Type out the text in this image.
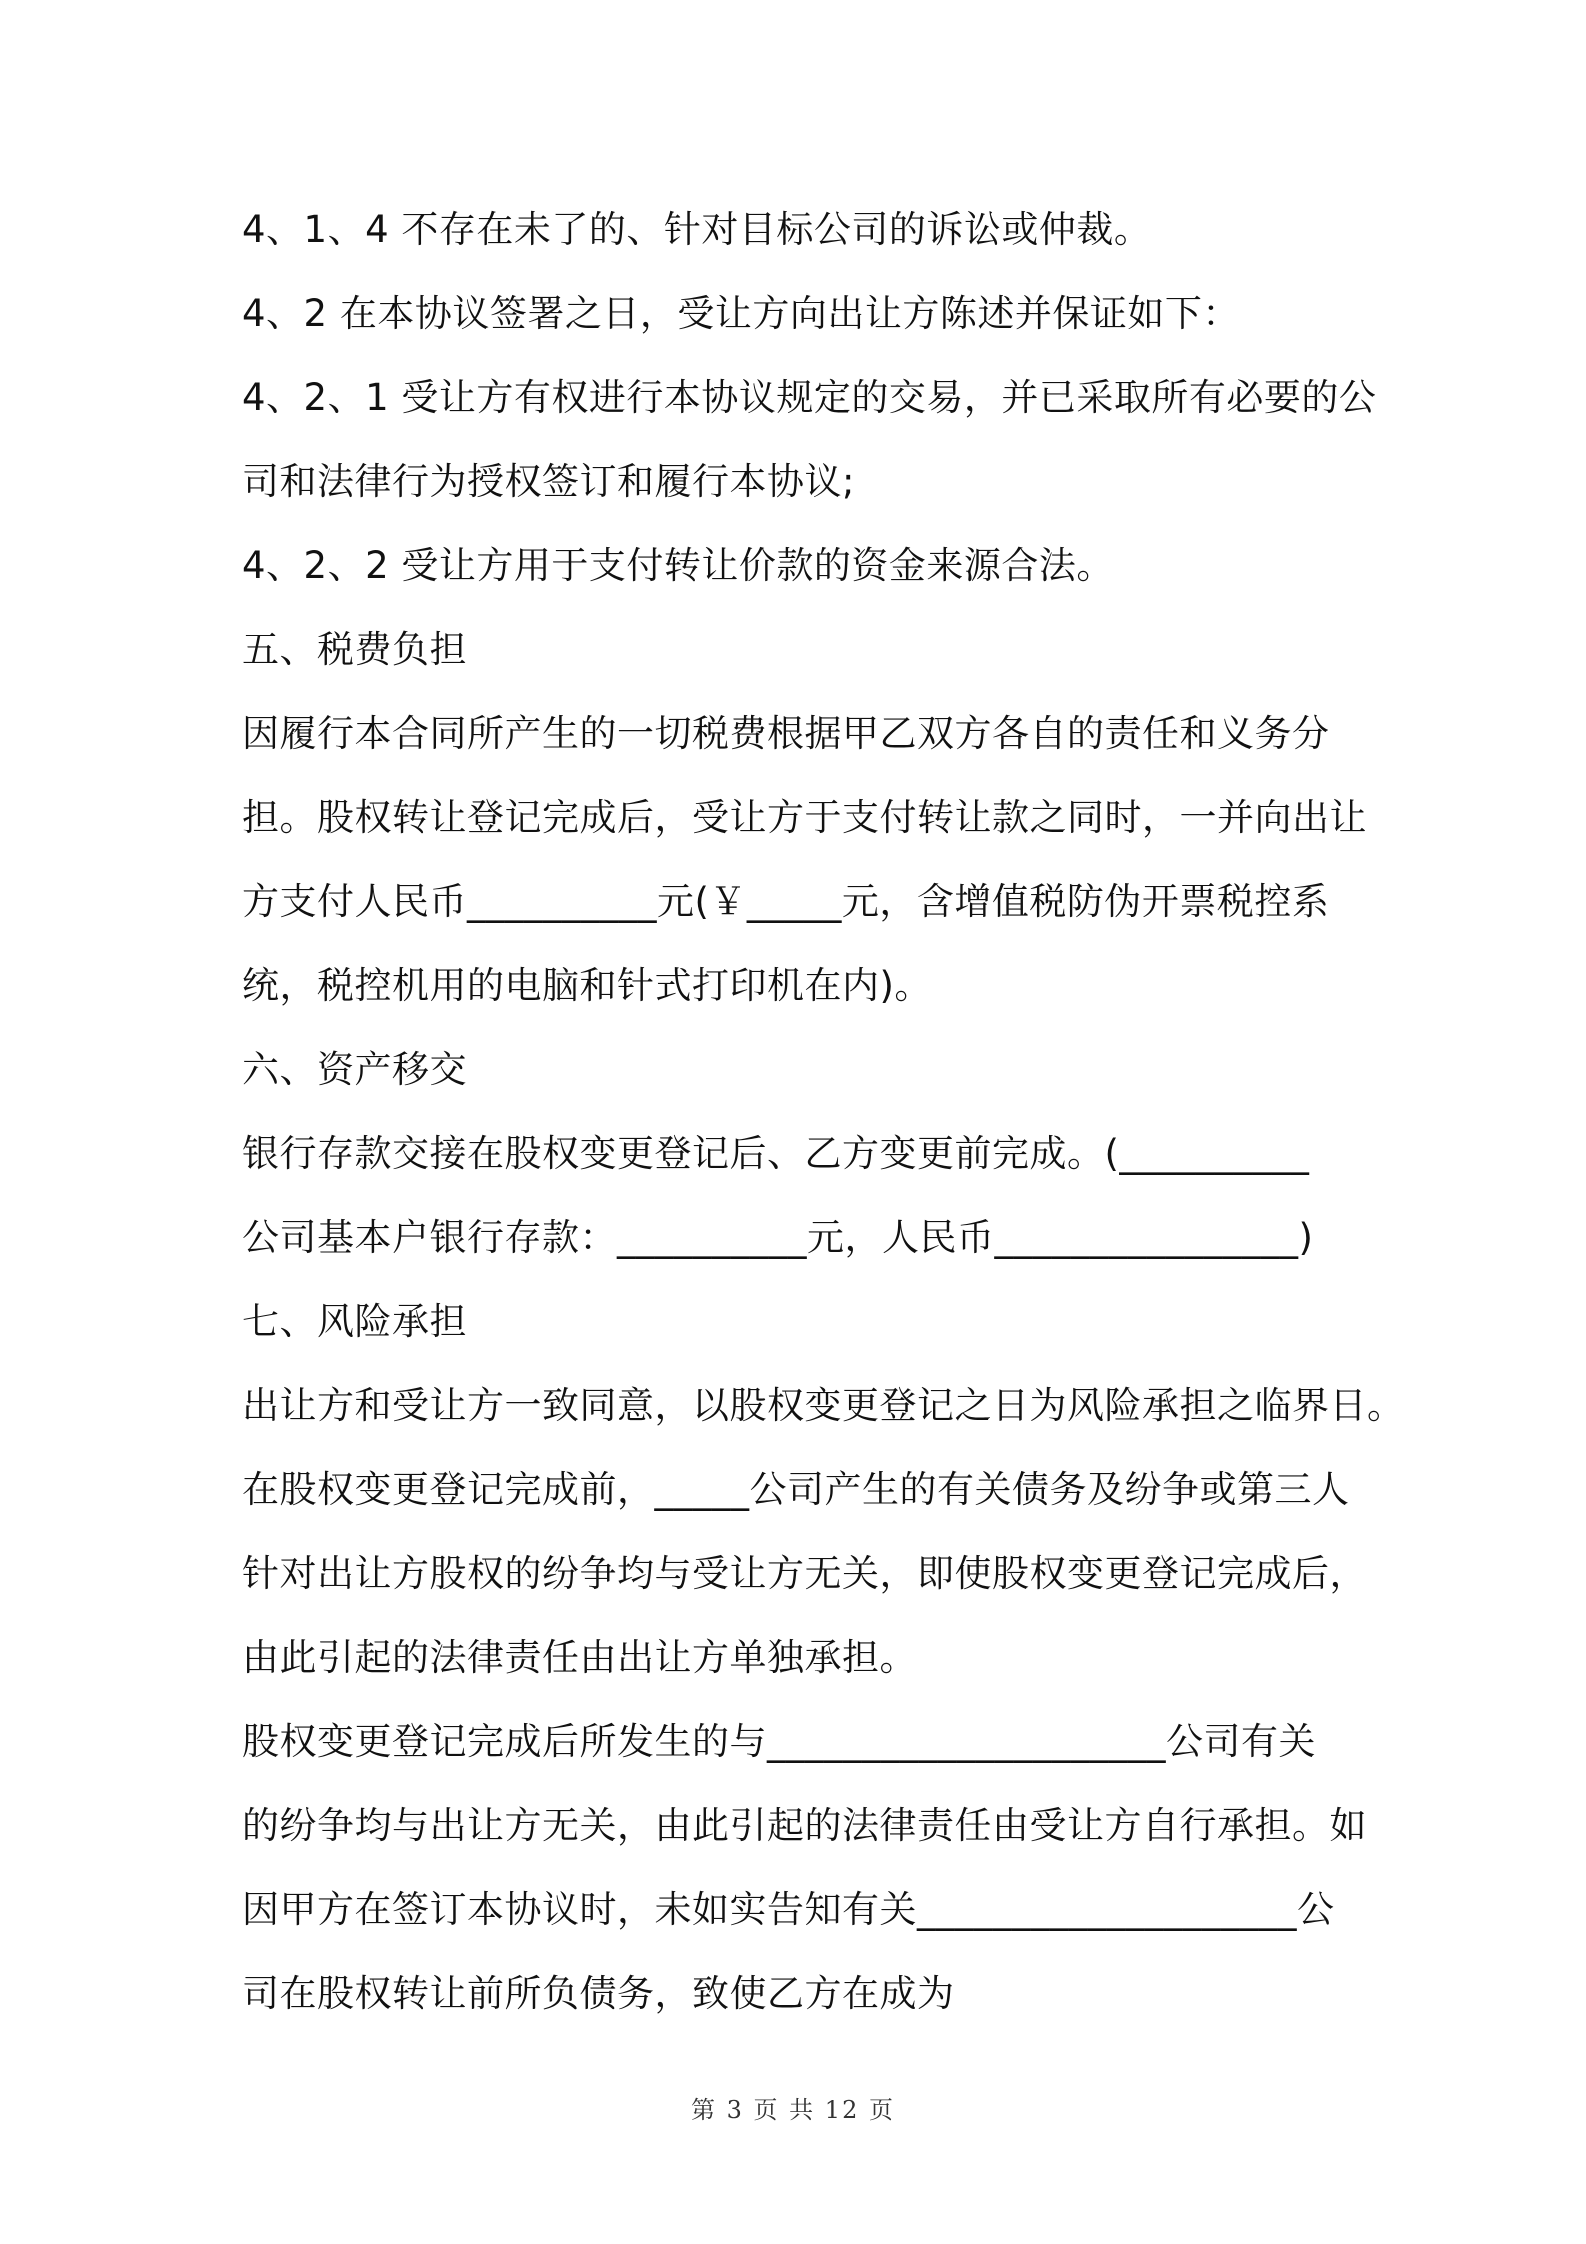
4、1、4 不存在未了的、针对目标公司的诉讼或仲裁。
4、2 在本协议签署之日，受让方向出让方陈述并保证如下：
4、2、1 受让方有权进行本协议规定的交易，并已采取所有必要的公
司和法律行为授权签订和履行本协议;
4、2、2 受让方用于支付转让价款的资金来源合法。
五、税费负担
因履行本合同所产生的一切税费根据甲乙双方各自的责任和义务分
担。股权转让登记完成后，受让方于支付转让款之同时，一并向出让
方支付人民币__________元(￥_____元，含增值税防伪开票税控系
统，税控机用的电脑和针式打印机在内)。
六、资产移交
银行存款交接在股权变更登记后、乙方变更前完成。(__________
公司基本户银行存款：__________元，人民币________________)
七、风险承担
出让方和受让方一致同意，以股权变更登记之日为风险承担之临界日。
在股权变更登记完成前，_____公司产生的有关债务及纷争或第三人
针对出让方股权的纷争均与受让方无关，即使股权变更登记完成后，
由此引起的法律责任由出让方单独承担。
股权变更登记完成后所发生的与_____________________公司有关
的纷争均与出让方无关，由此引起的法律责任由受让方自行承担。如
因甲方在签订本协议时，未如实告知有关____________________公
司在股权转让前所负债务，致使乙方在成为
第 3 页 共 12 页
